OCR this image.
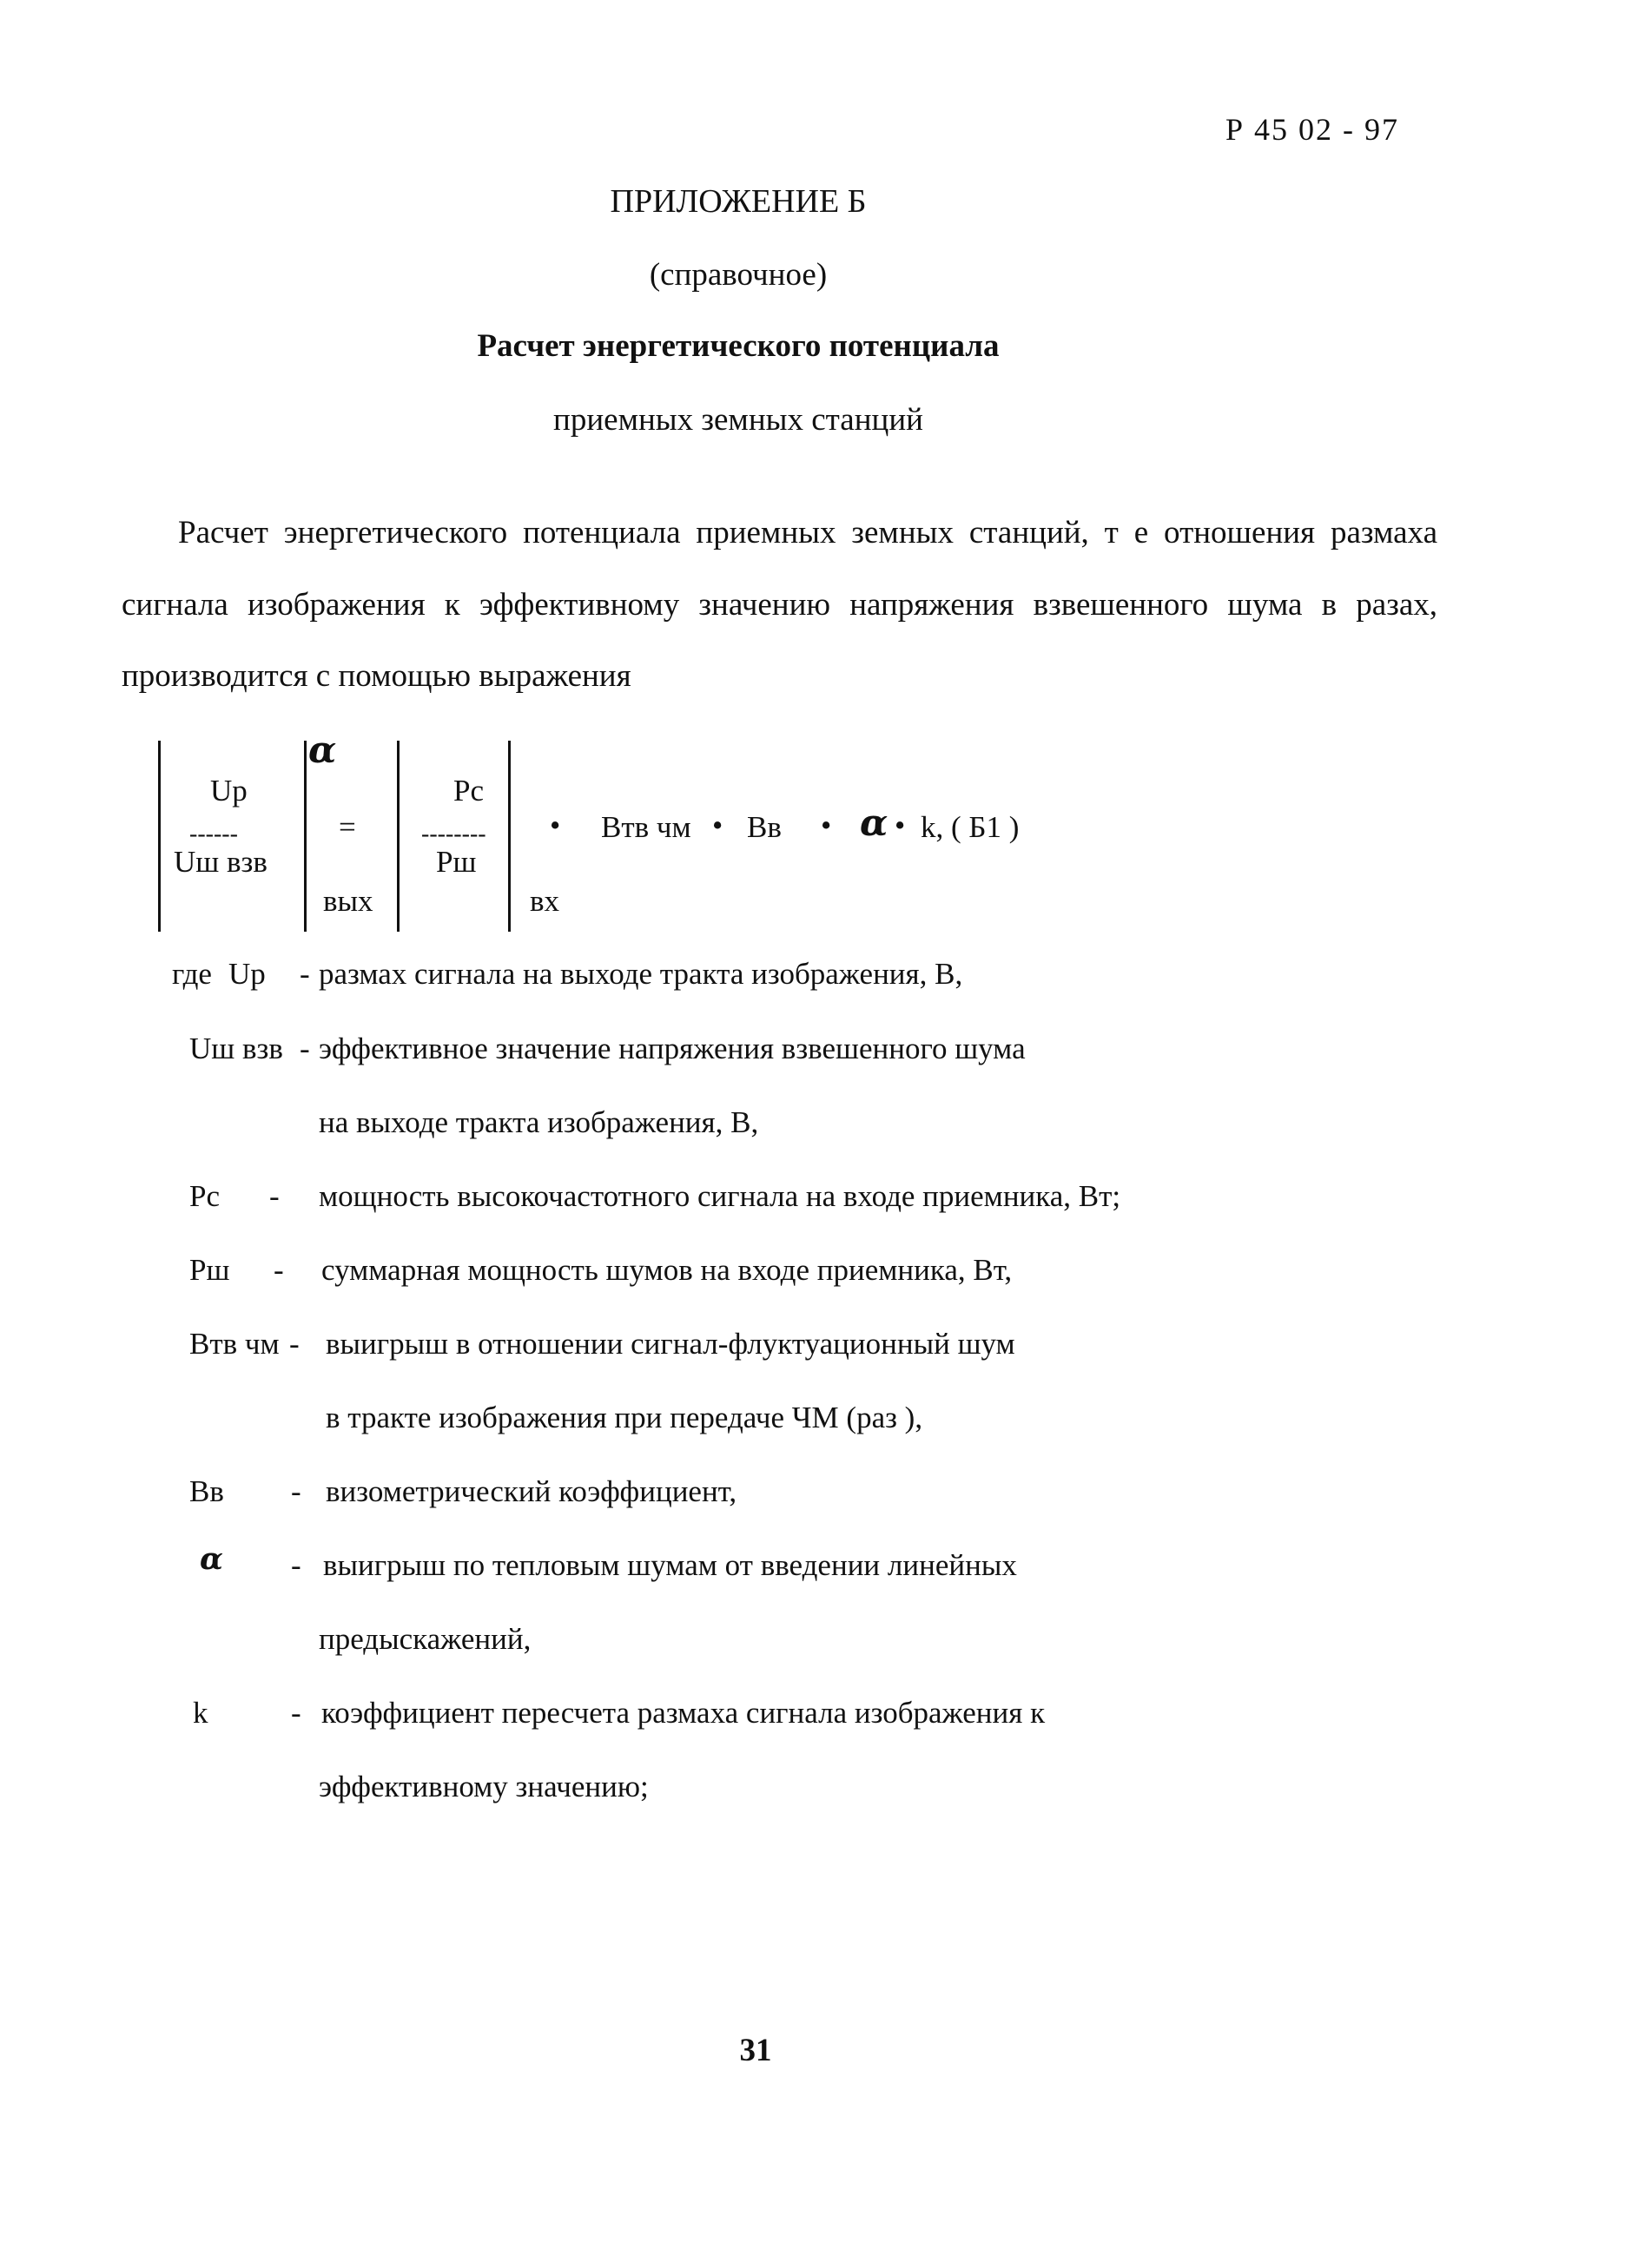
Р 45 02 - 97
ПРИЛОЖЕНИЕ Б
(справочное)
Расчет энергетического потенциала
приемных земных станций
Расчет энергетического потенциала приемных земных станций, т е отношения размаха
сигнала изображения к эффективному значению напряжения взвешенного шума в разах,
производится с помощью выражения
Uр
------
Uш взв
α
=
вых
Рс
--------
Рш
вх
• Втв чм • Вв • α • k, ( Б1 )
где Uр - размах сигнала на выходе тракта изображения, В,
Uш взв - эффективное значение напряжения взвешенного шума
на выходе тракта изображения, В,
Рс - мощность высокочастотного сигнала на входе приемника, Вт;
Рш - суммарная мощность шумов на входе приемника, Вт,
Втв чм - выигрыш в отношении сигнал-флуктуационный шум
в тракте изображения при передаче ЧМ (раз ),
Вв - визометрический коэффициент,
α - выигрыш по тепловым шумам от введении линейных
предыскажений,
k	- коэффициент пересчета размаха сигнала изображения к
эффективному значению;
31
